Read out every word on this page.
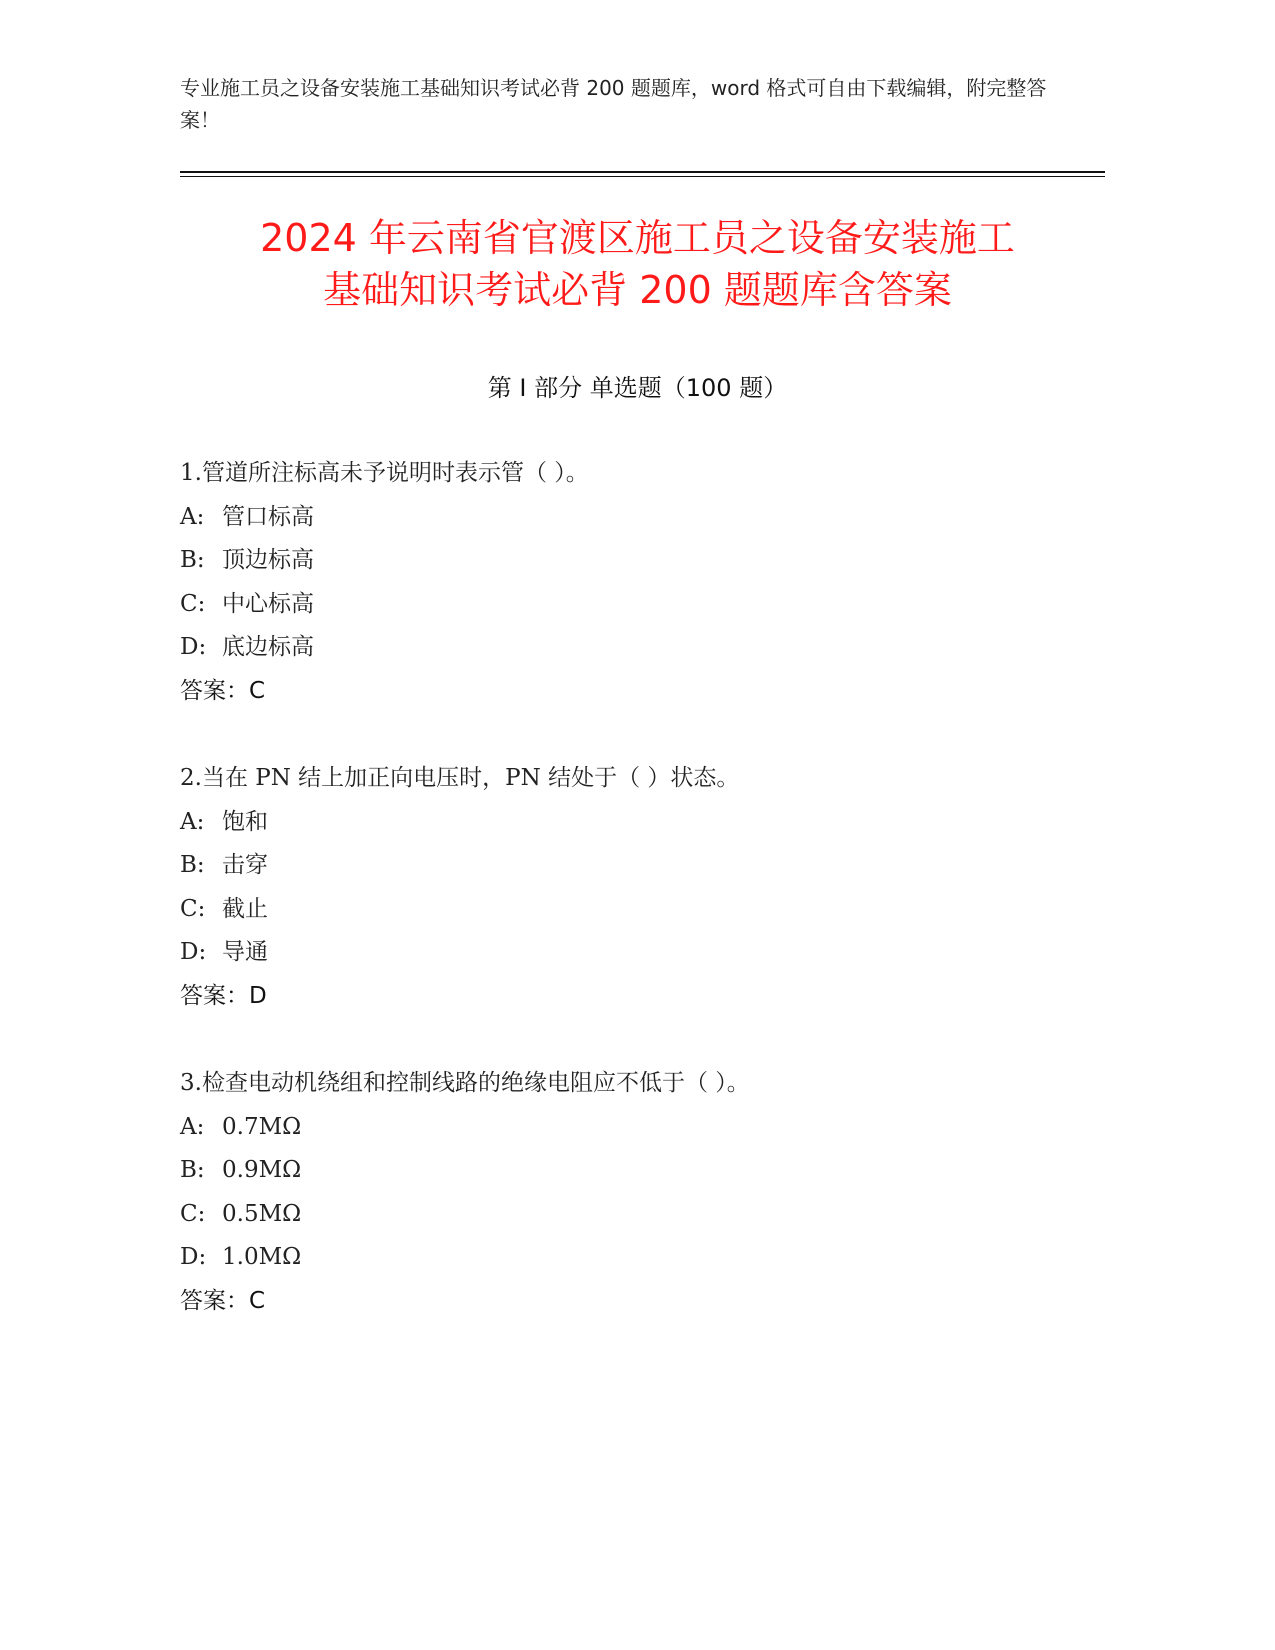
专业施工员之设备安装施工基础知识考试必背 200 题题库，word 格式可自由下载编辑，附完整答案！
2024 年云南省官渡区施工员之设备安装施工
基础知识考试必背 200 题题库含答案
第 I 部分 单选题（100 题）
1.管道所注标高未予说明时表示管（ ）。
A: 管口标高
B: 顶边标高
C: 中心标高
D: 底边标高
答案：C
2.当在 PN 结上加正向电压时，PN 结处于（ ）状态。
A: 饱和
B: 击穿
C: 截止
D: 导通
答案：D
3.检查电动机绕组和控制线路的绝缘电阻应不低于（ ）。
A: 0.7MΩ
B: 0.9MΩ
C: 0.5MΩ
D: 1.0MΩ
答案：C
